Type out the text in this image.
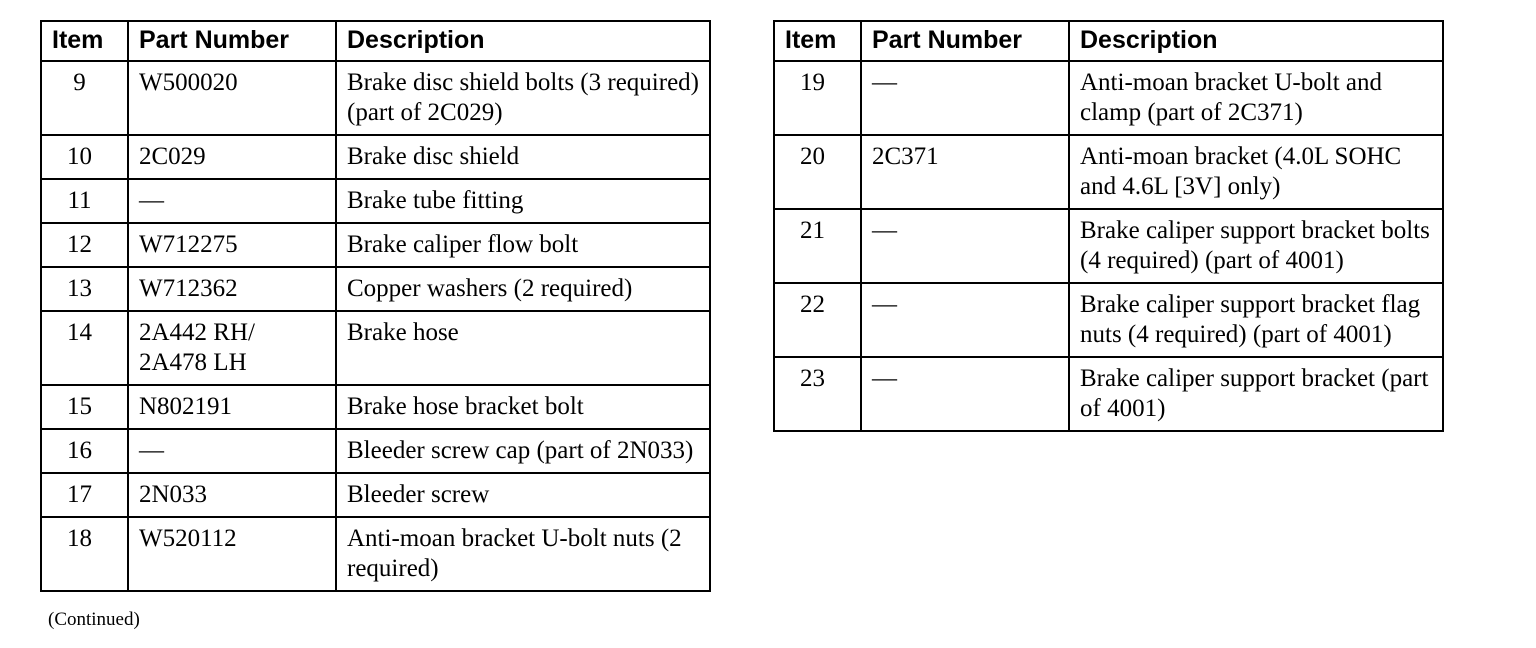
Item	Part Number	Description
9	W500020	Brake disc shield bolts (3 required) (part of 2C029)
10	2C029	Brake disc shield
11	—	Brake tube fitting
12	W712275	Brake caliper flow bolt
13	W712362	Copper washers (2 required)
14	2A442 RH/ 2A478 LH	Brake hose
15	N802191	Brake hose bracket bolt
16	—	Bleeder screw cap (part of 2N033)
17	2N033	Bleeder screw
18	W520112	Anti-moan bracket U-bolt nuts (2 required)
Item	Part Number	Description
19	—	Anti-moan bracket U-bolt and clamp (part of 2C371)
20	2C371	Anti-moan bracket (4.0L SOHC and 4.6L [3V] only)
21	—	Brake caliper support bracket bolts (4 required) (part of 4001)
22	—	Brake caliper support bracket flag nuts (4 required) (part of 4001)
23	—	Brake caliper support bracket (part of 4001)
(Continued)
